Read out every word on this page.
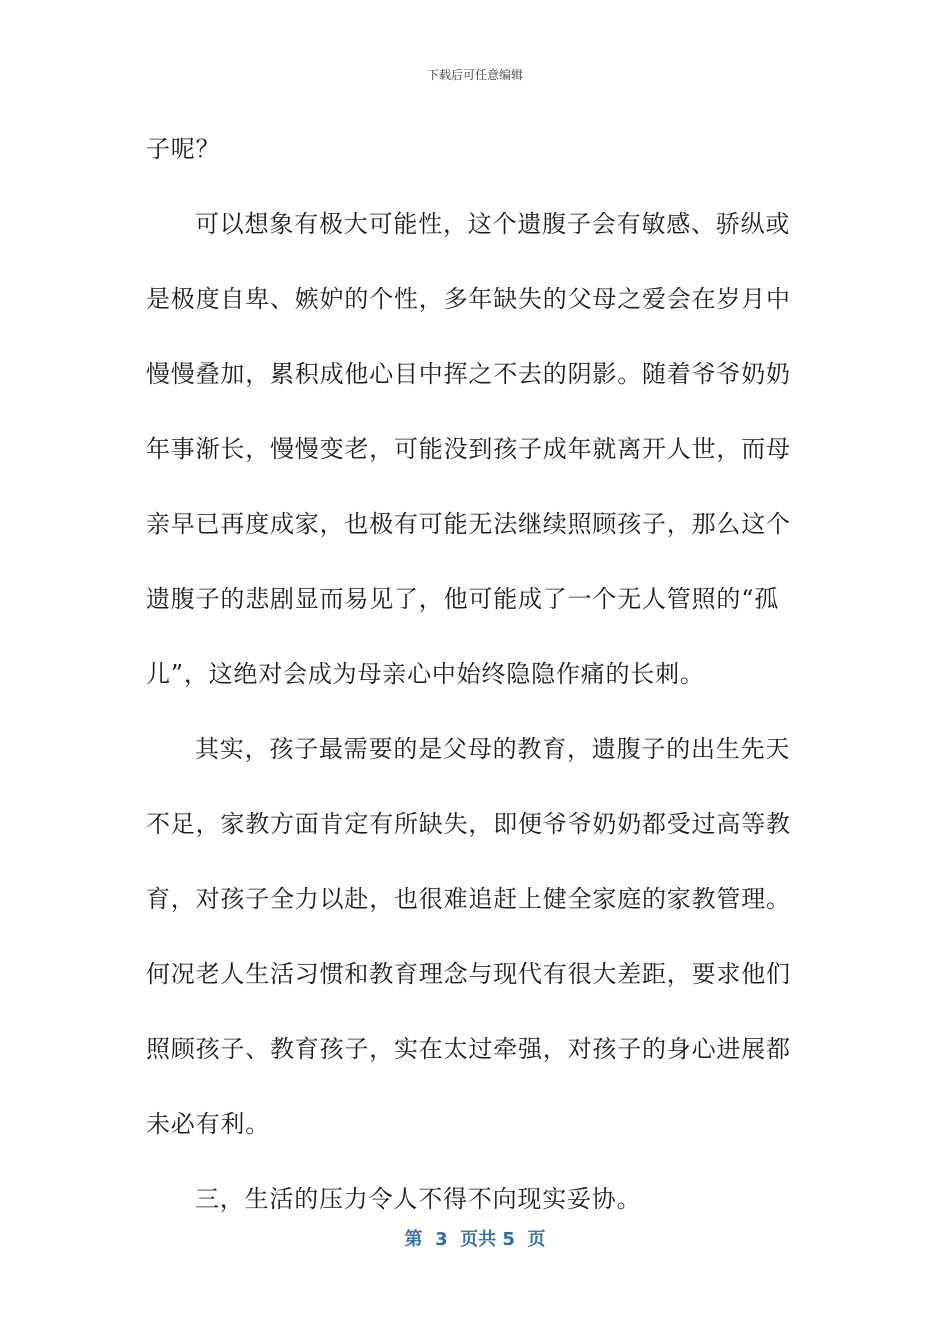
下载后可任意编辑

子呢？

可以想象有极大可能性，这个遗腹子会有敏感、骄纵或是极度自卑、嫉妒的个性，多年缺失的父母之爱会在岁月中慢慢叠加，累积成他心目中挥之不去的阴影。随着爷爷奶奶年事渐长，慢慢变老，可能没到孩子成年就离开人世，而母亲早已再度成家，也极有可能无法继续照顾孩子，那么这个遗腹子的悲剧显而易见了，他可能成了一个无人管照的“孤儿”，这绝对会成为母亲心中始终隐隐作痛的长刺。

其实，孩子最需要的是父母的教育，遗腹子的出生先天不足，家教方面肯定有所缺失，即便爷爷奶奶都受过高等教育，对孩子全力以赴，也很难追赶上健全家庭的家教管理。何况老人生活习惯和教育理念与现代有很大差距，要求他们照顾孩子、教育孩子，实在太过牵强，对孩子的身心进展都未必有利。

三，生活的压力令人不得不向现实妥协。

第  3  页共 5  页
